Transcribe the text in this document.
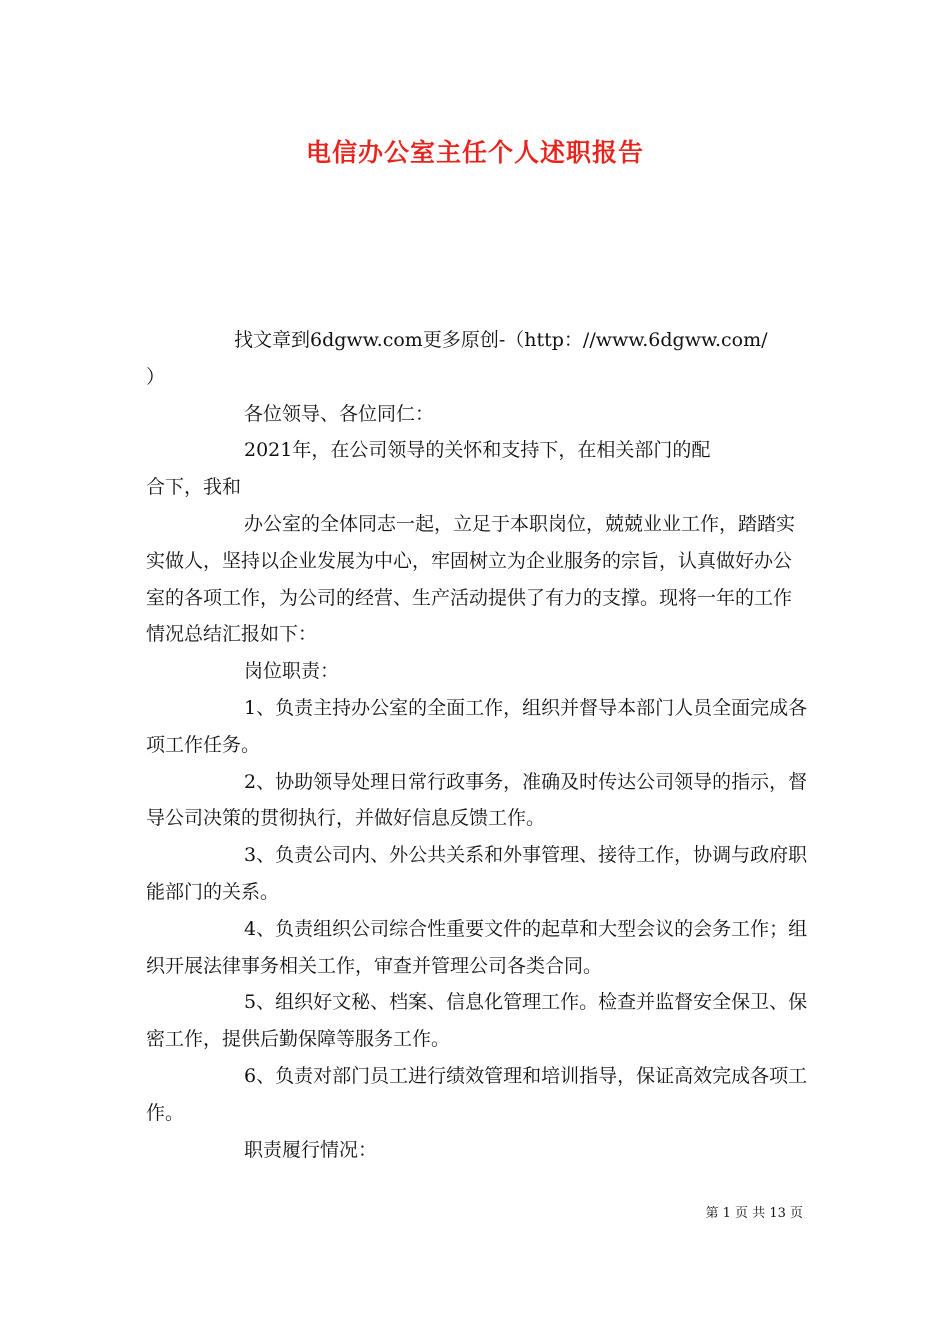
电信办公室主任个人述职报告

找文章到6dgww.com更多原创-（http：//www.6dgww.com/

）

各位领导、各位同仁：

2021年，在公司领导的关怀和支持下，在相关部门的配

合下，我和

办公室的全体同志一起，立足于本职岗位，兢兢业业工作，踏踏实实做人，坚持以企业发展为中心，牢固树立为企业服务的宗旨，认真做好办公室的各项工作，为公司的经营、生产活动提供了有力的支撑。现将一年的工作情况总结汇报如下：

岗位职责：

1、负责主持办公室的全面工作，组织并督导本部门人员全面完成各项工作任务。

2、协助领导处理日常行政事务，准确及时传达公司领导的指示，督导公司决策的贯彻执行，并做好信息反馈工作。

3、负责公司内、外公共关系和外事管理、接待工作，协调与政府职能部门的关系。

4、负责组织公司综合性重要文件的起草和大型会议的会务工作；组织开展法律事务相关工作，审查并管理公司各类合同。

5、组织好文秘、档案、信息化管理工作。检查并监督安全保卫、保密工作，提供后勤保障等服务工作。

6、负责对部门员工进行绩效管理和培训指导，保证高效完成各项工作。

职责履行情况：

第 1 页 共 13 页
